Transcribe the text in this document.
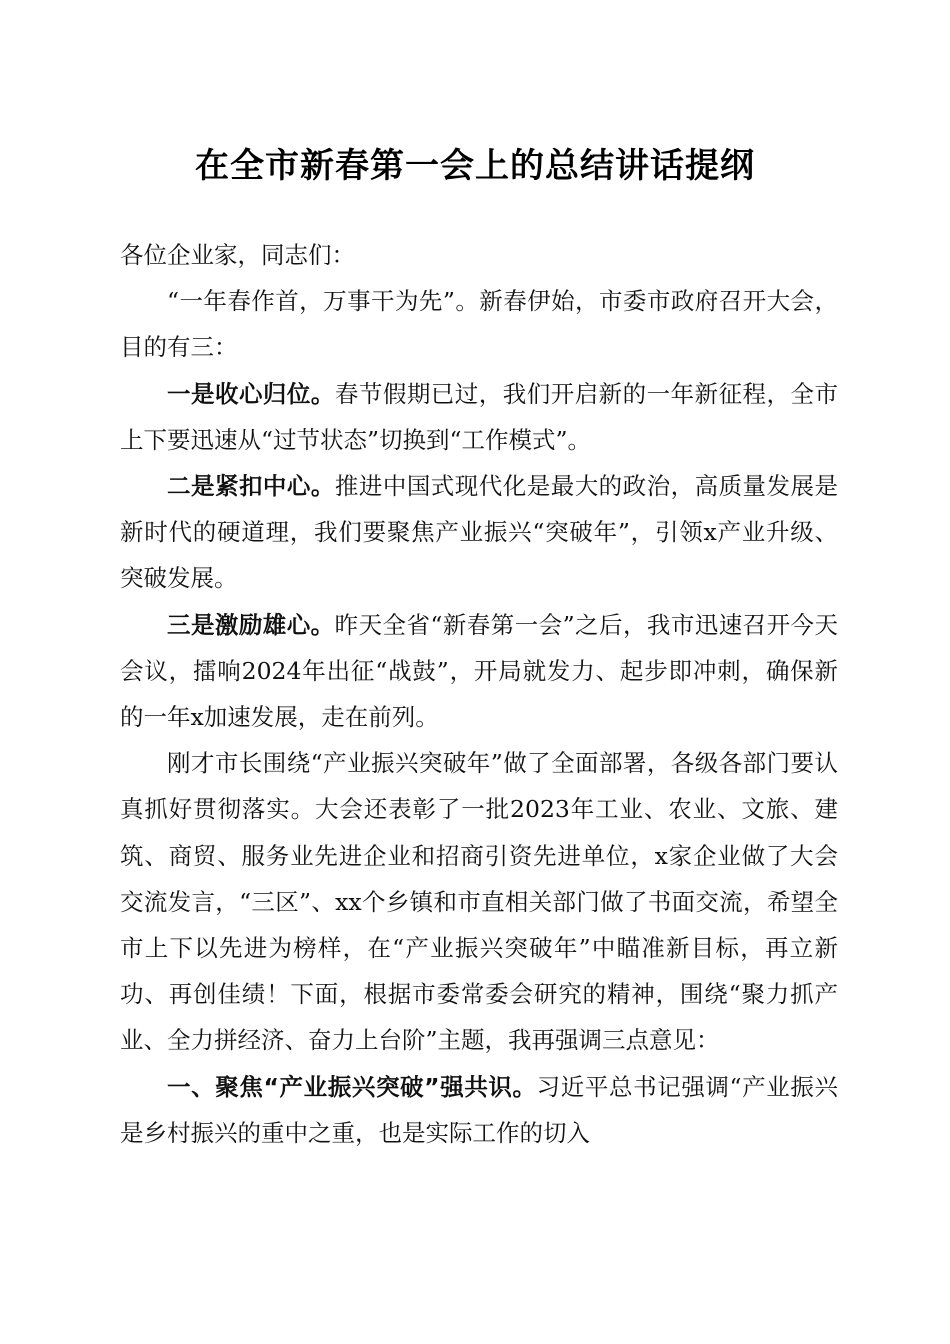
在全市新春第一会上的总结讲话提纲

各位企业家，同志们：

“一年春作首，万事干为先”。新春伊始，市委市政府召开大会，目的有三：

一是收心归位。春节假期已过，我们开启新的一年新征程，全市上下要迅速从“过节状态”切换到“工作模式”。

二是紧扣中心。推进中国式现代化是最大的政治，高质量发展是新时代的硬道理，我们要聚焦产业振兴“突破年”，引领x产业升级、突破发展。

三是激励雄心。昨天全省“新春第一会”之后，我市迅速召开今天会议，擂响2024年出征“战鼓”，开局就发力、起步即冲刺，确保新的一年x加速发展，走在前列。

刚才市长围绕“产业振兴突破年”做了全面部署，各级各部门要认真抓好贯彻落实。大会还表彰了一批2023年工业、农业、文旅、建筑、商贸、服务业先进企业和招商引资先进单位，x家企业做了大会交流发言，“三区”、xx个乡镇和市直相关部门做了书面交流，希望全市上下以先进为榜样，在“产业振兴突破年”中瞄准新目标，再立新功、再创佳绩！下面，根据市委常委会研究的精神，围绕“聚力抓产业、全力拼经济、奋力上台阶”主题，我再强调三点意见：

一、聚焦“产业振兴突破”强共识。习近平总书记强调“产业振兴是乡村振兴的重中之重，也是实际工作的切入
